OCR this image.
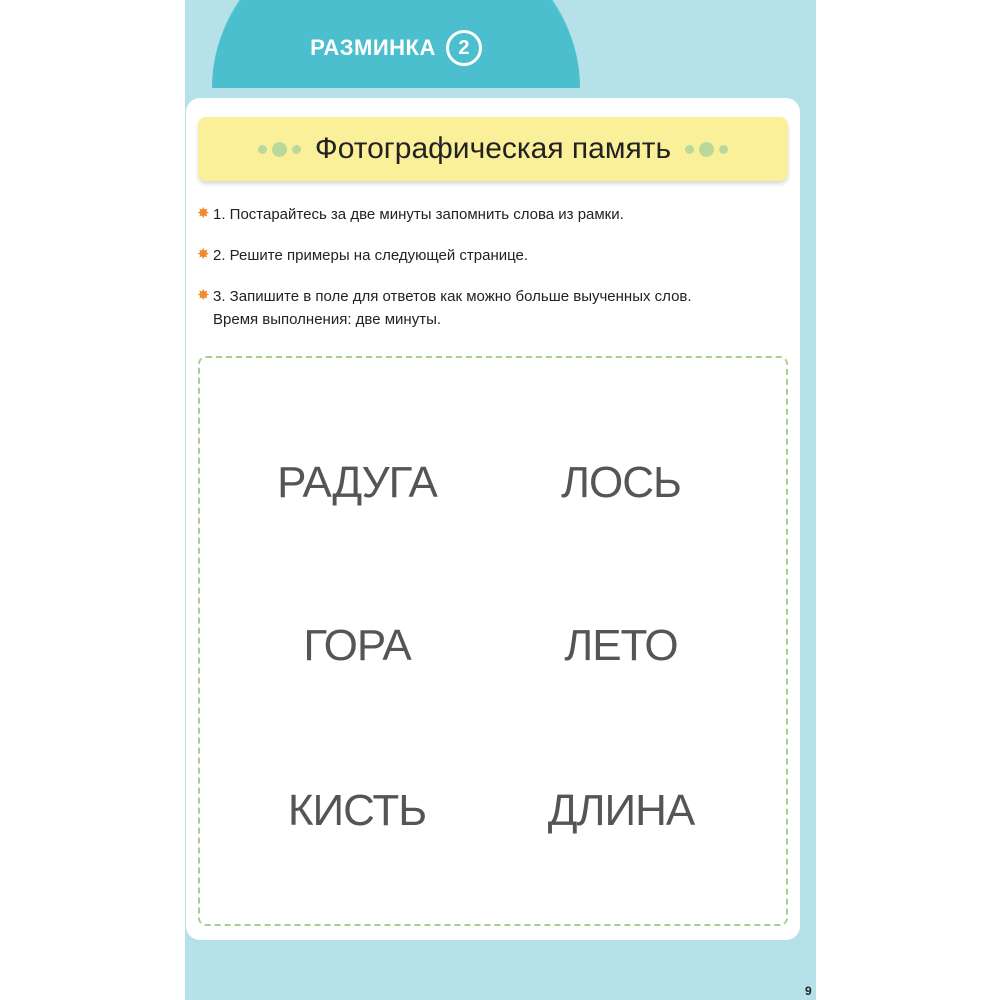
РАЗМИНКА	2
Фотографическая память
✸ 1. Постарайтесь за две минуты запомнить слова из рамки.
✸ 2. Решите примеры на следующей странице.
✸ 3. Запишите в поле для ответов как можно больше выученных слов.
Время выполнения: две минуты.
РАДУГА	ЛОСЬ
ГОРА	ЛЕТО
КИСТЬ	ДЛИНА
9
